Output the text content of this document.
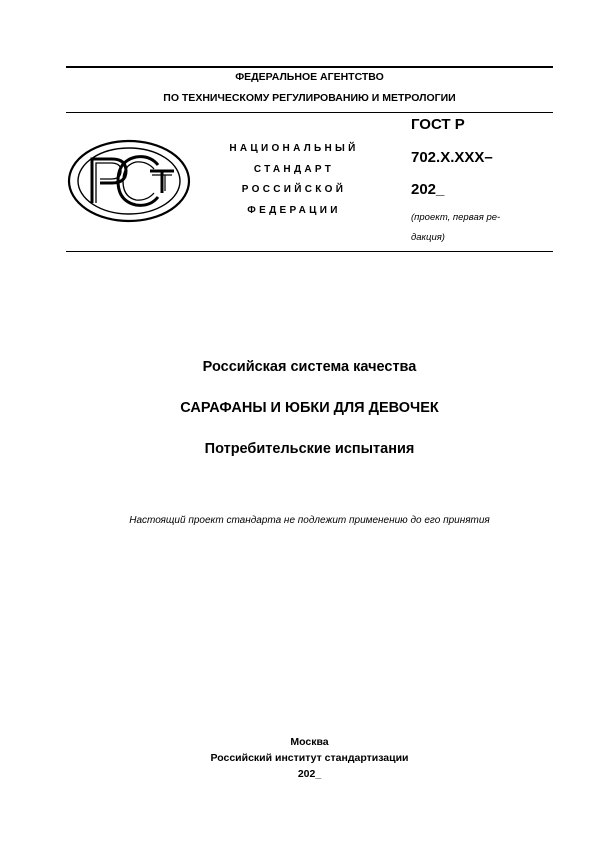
ФЕДЕРАЛЬНОЕ АГЕНТСТВО
ПО ТЕХНИЧЕСКОМУ РЕГУЛИРОВАНИЮ И МЕТРОЛОГИИ
НАЦИОНАЛЬНЫЙ
СТАНДАРТ
РОССИЙСКОЙ
ФЕДЕРАЦИИ
ГОСТ Р
702.Х.ХХХ–
202_
(проект, первая ре-
дакция)
Российская система качества
САРАФАНЫ И ЮБКИ ДЛЯ ДЕВОЧЕК
Потребительские испытания
Настоящий проект стандарта не подлежит применению до его принятия
Москва
Российский институт стандартизации
202_
